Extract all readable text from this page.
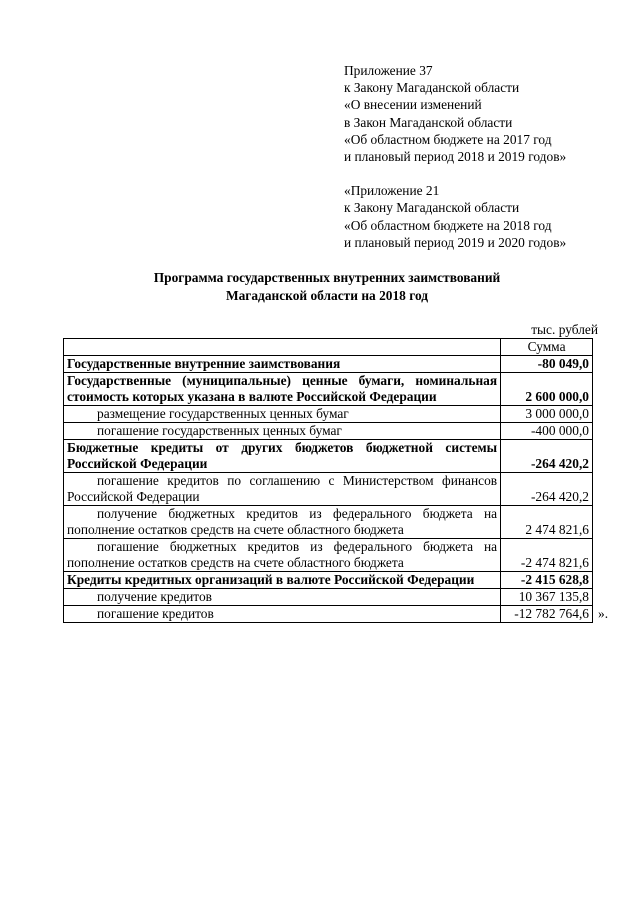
Приложение 37
к Закону Магаданской области
«О внесении изменений
в Закон Магаданской области
«Об областном бюджете на 2017 год
и плановый период 2018 и 2019 годов»
«Приложение 21
к Закону Магаданской области
«Об областном бюджете на 2018 год
и плановый период 2019 и 2020 годов»
Программа государственных внутренних заимствований
Магаданской области на 2018 год
тыс. рублей
	Сумма
Государственные внутренние заимствования	-80 049,0
Государственные (муниципальные) ценные бумаги, номинальная стоимость которых указана в валюте Российской Федерации	2 600 000,0
размещение государственных ценных бумаг	3 000 000,0
погашение государственных ценных бумаг	-400 000,0
Бюджетные кредиты от других бюджетов бюджетной системы Российской Федерации	-264 420,2
погашение кредитов по соглашению с Министерством финансов Российской Федерации	-264 420,2
получение бюджетных кредитов из федерального бюджета на пополнение остатков средств на счете областного бюджета	2 474 821,6
погашение бюджетных кредитов из федерального бюджета на пополнение остатков средств на счете областного бюджета	-2 474 821,6
Кредиты кредитных организаций в валюте Российской Федерации	-2 415 628,8
получение кредитов	10 367 135,8
погашение кредитов	-12 782 764,6 ».
